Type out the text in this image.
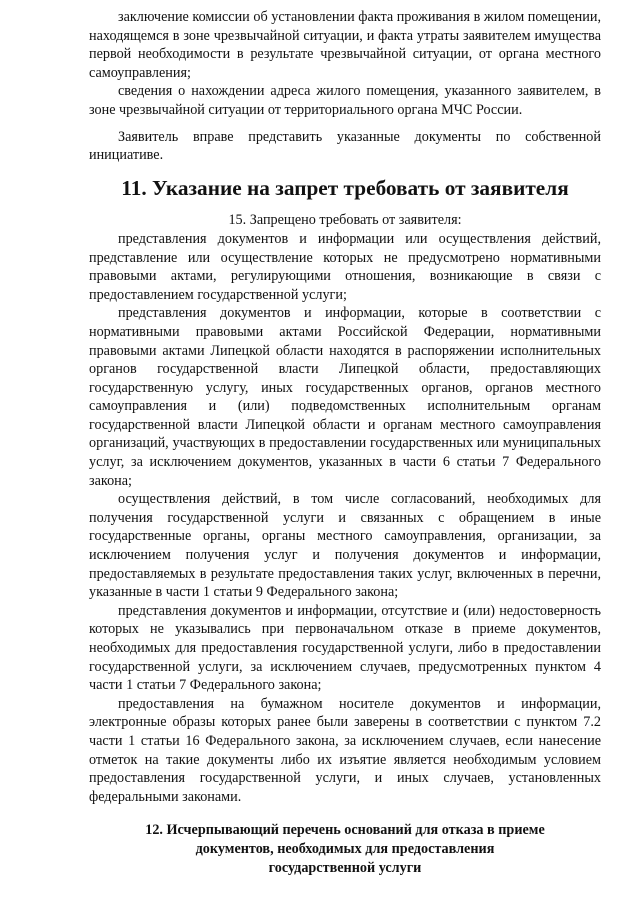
заключение комиссии об установлении факта проживания в жилом помещении, находящемся в зоне чрезвычайной ситуации, и факта утраты заявителем имущества первой необходимости в результате чрезвычайной ситуации, от органа местного самоуправления;

сведения о нахождении адреса жилого помещения, указанного заявителем, в зоне чрезвычайной ситуации от территориального органа МЧС России.

Заявитель вправе представить указанные документы по собственной инициативе.

11. Указание на запрет требовать от заявителя

15. Запрещено требовать от заявителя:

представления документов и информации или осуществления действий, представление или осуществление которых не предусмотрено нормативными правовыми актами, регулирующими отношения, возникающие в связи с предоставлением государственной услуги;

представления документов и информации, которые в соответствии с нормативными правовыми актами Российской Федерации, нормативными правовыми актами Липецкой области находятся в распоряжении исполнительных органов государственной власти Липецкой области, предоставляющих государственную услугу, иных государственных органов, органов местного самоуправления и (или) подведомственных исполнительным органам государственной власти Липецкой области и органам местного самоуправления организаций, участвующих в предоставлении государственных или муниципальных услуг, за исключением документов, указанных в части 6 статьи 7 Федерального закона;

осуществления действий, в том числе согласований, необходимых для получения государственной услуги и связанных с обращением в иные государственные органы, органы местного самоуправления, организации, за исключением получения услуг и получения документов и информации, предоставляемых в результате предоставления таких услуг, включенных в перечни, указанные в части 1 статьи 9 Федерального закона;

представления документов и информации, отсутствие и (или) недостоверность которых не указывались при первоначальном отказе в приеме документов, необходимых для предоставления государственной услуги, либо в предоставлении государственной услуги, за исключением случаев, предусмотренных пунктом 4 части 1 статьи 7 Федерального закона;

предоставления на бумажном носителе документов и информации, электронные образы которых ранее были заверены в соответствии с пунктом 7.2 части 1 статьи 16 Федерального закона, за исключением случаев, если нанесение отметок на такие документы либо их изъятие является необходимым условием предоставления государственной услуги, и иных случаев, установленных федеральными законами.

12. Исчерпывающий перечень оснований для отказа в приеме
документов, необходимых для предоставления
государственной услуги
